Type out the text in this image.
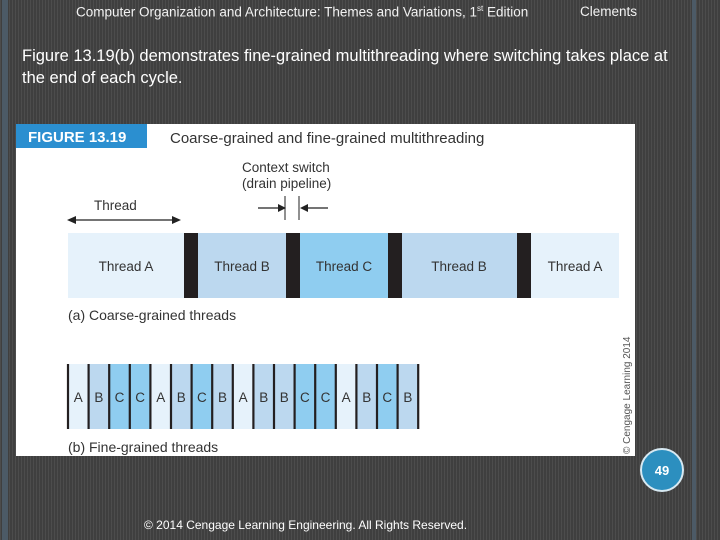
Computer Organization and Architecture: Themes and Variations, 1st Edition	Clements
Figure 13.19(b) demonstrates fine-grained multithreading where switching takes place at the end of each cycle.
FIGURE 13.19	Coarse-grained and fine-grained multithreading
Context switch
(drain pipeline)
Thread
Thread A	Thread B	Thread C	Thread B	Thread A
(a) Coarse-grained threads
A B C C A B C B A B B C C A B C B
(b) Fine-grained threads	© Cengage Learning 2014
49
© 2014 Cengage Learning Engineering. All Rights Reserved.
